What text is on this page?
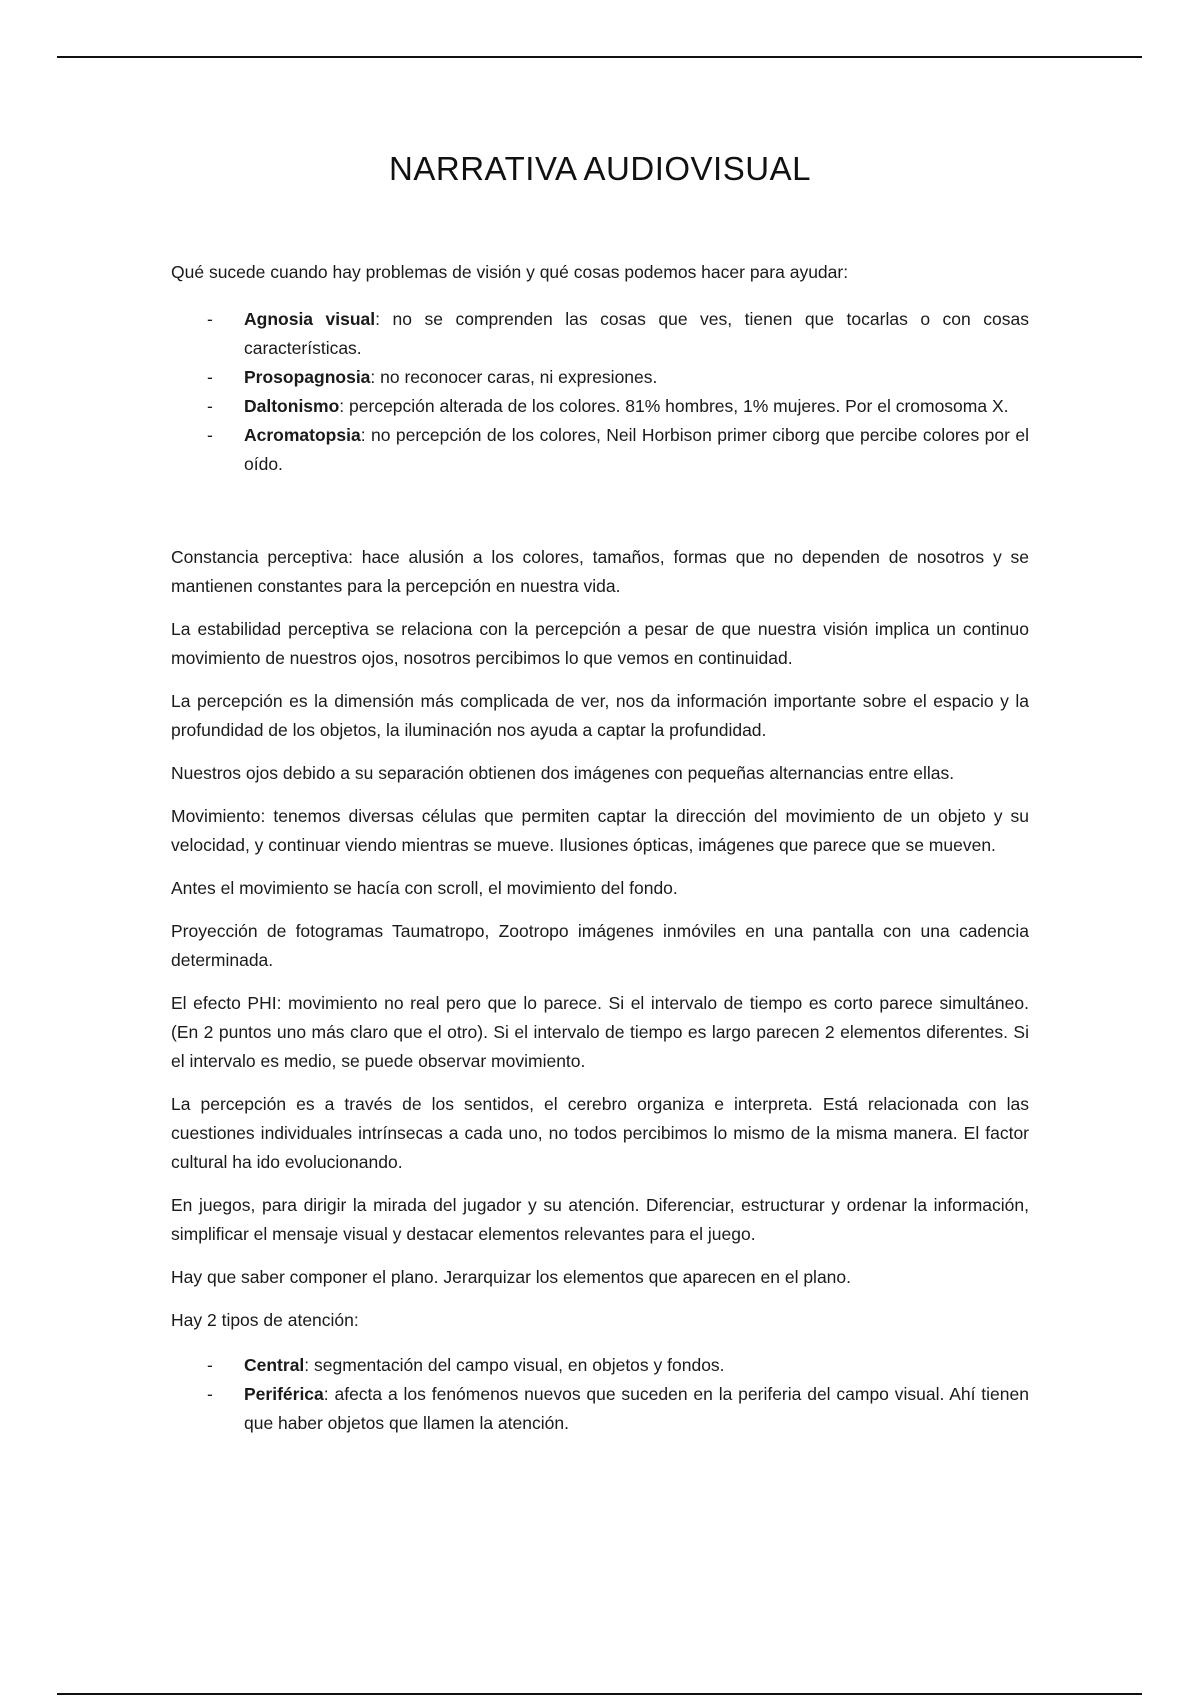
NARRATIVA AUDIOVISUAL

Qué sucede cuando hay problemas de visión y qué cosas podemos hacer para ayudar:

- Agnosia visual: no se comprenden las cosas que ves, tienen que tocarlas o con cosas características.
- Prosopagnosia: no reconocer caras, ni expresiones.
- Daltonismo: percepción alterada de los colores. 81% hombres, 1% mujeres. Por el cromosoma X.
- Acromatopsia: no percepción de los colores, Neil Horbison primer ciborg que percibe colores por el oído.

Constancia perceptiva: hace alusión a los colores, tamaños, formas que no dependen de nosotros y se mantienen constantes para la percepción en nuestra vida.

La estabilidad perceptiva se relaciona con la percepción a pesar de que nuestra visión implica un continuo movimiento de nuestros ojos, nosotros percibimos lo que vemos en continuidad.

La percepción es la dimensión más complicada de ver, nos da información importante sobre el espacio y la profundidad de los objetos, la iluminación nos ayuda a captar la profundidad.

Nuestros ojos debido a su separación obtienen dos imágenes con pequeñas alternancias entre ellas.

Movimiento: tenemos diversas células que permiten captar la dirección del movimiento de un objeto y su velocidad, y continuar viendo mientras se mueve. Ilusiones ópticas, imágenes que parece que se mueven.

Antes el movimiento se hacía con scroll, el movimiento del fondo.

Proyección de fotogramas Taumatropo, Zootropo imágenes inmóviles en una pantalla con una cadencia determinada.

El efecto PHI: movimiento no real pero que lo parece. Si el intervalo de tiempo es corto parece simultáneo. (En 2 puntos uno más claro que el otro). Si el intervalo de tiempo es largo parecen 2 elementos diferentes. Si el intervalo es medio, se puede observar movimiento.

La percepción es a través de los sentidos, el cerebro organiza e interpreta. Está relacionada con las cuestiones individuales intrínsecas a cada uno, no todos percibimos lo mismo de la misma manera. El factor cultural ha ido evolucionando.

En juegos, para dirigir la mirada del jugador y su atención. Diferenciar, estructurar y ordenar la información, simplificar el mensaje visual y destacar elementos relevantes para el juego.

Hay que saber componer el plano. Jerarquizar los elementos que aparecen en el plano.

Hay 2 tipos de atención:

- Central: segmentación del campo visual, en objetos y fondos.
- Periférica: afecta a los fenómenos nuevos que suceden en la periferia del campo visual. Ahí tienen que haber objetos que llamen la atención.
